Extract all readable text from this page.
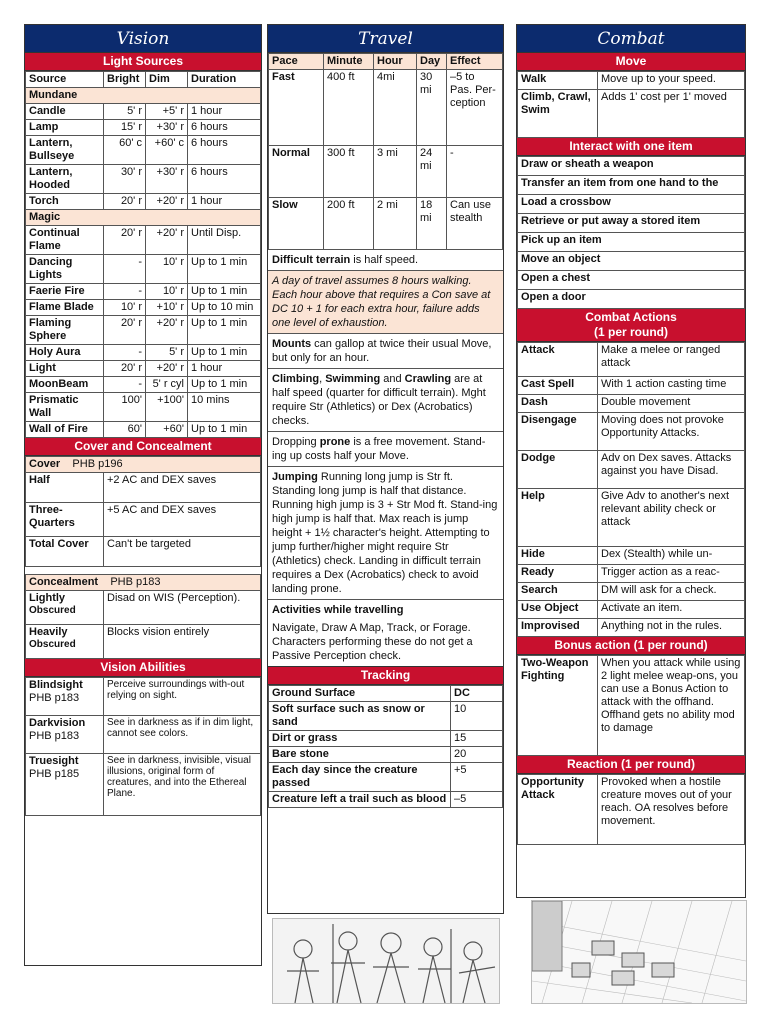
Vision
Light Sources
Source	Bright	Dim	Duration
Mundane			
Candle	5' r	+5' r	1 hour
Lamp	15' r	+30' r	6 hours
Lantern, Bullseye	60' c	+60' c	6 hours
Lantern, Hooded	30' r	+30' r	6 hours
Torch	20' r	+20' r	1 hour
Magic			
Continual Flame	20' r	+20' r	Until Disp.
Dancing Lights	-	10' r	Up to 1 min
Faerie Fire	-	10' r	Up to 1 min
Flame Blade	10' r	+10' r	Up to 10 min
Flaming Sphere	20' r	+20' r	Up to 1 min
Holy Aura	-	5' r	Up to 1 min
Light	20' r	+20' r	1 hour
MoonBeam	-	5' r cyl	Up to 1 min
Prismatic Wall	100'	+100'	10 mins
Wall of Fire	60'	+60'	Up to 1 min
Cover and Concealment
Cover PHB p196	
Half	+2 AC and DEX saves
Three-Quarters	+5 AC and DEX saves
Total Cover	Can't be targeted

Concealment PHB p183	

Lightly
Obscured	Disad on WIS (Perception).

Heavily
Obscured	Blocks vision entirely
Vision Abilities
Blindsight
PHB p183	Perceive surroundings with-out relying on sight.

Darkvision
PHB p183	See in darkness as if in dim light, cannot see colors.

Truesight
PHB p185	See in darkness, invisible, visual illusions, original form of creatures, and into the Ethereal Plane.
Travel
Pace	Minute	Hour	Day	Effect
Fast	400 ft	4mi	30 mi	–5 to Pas. Per-ception
Normal	300 ft	3 mi	24 mi	-
Slow	200 ft	2 mi	18 mi	Can use stealth
Difficult terrain is half speed.
A day of travel assumes 8 hours walking. Each hour above that requires a Con save at DC 10 + 1 for each extra hour, failure adds one level of exhaustion.
Mounts can gallop at twice their usual Move, but only for an hour.
Climbing, Swimming and Crawling are at half speed (quarter for difficult terrain). Mght require Str (Athletics) or Dex (Acrobatics) checks.
Dropping prone is a free movement. Stand-ing up costs half your Move.
Jumping Running long jump is Str ft. Standing long jump is half that distance. Running high jump is 3 + Str Mod ft. Stand-ing high jump is half that. Max reach is jump height + 1½ character's height. Attempting to jump further/higher might require Str (Athletics) check. Landing in difficult terrain requires a Dex (Acrobatics) check to avoid landing prone.
Activities while travelling
Navigate, Draw A Map, Track, or Forage. Characters performing these do not get a Passive Perception check.
Tracking
Ground Surface	DC
Soft surface such as snow or sand	10
Dirt or grass	15
Bare stone	20
Each day since the creature passed	+5
Creature left a trail such as blood	–5
Combat
Move
Walk	Move up to your speed.
Climb, Crawl, Swim	Adds 1' cost per 1' moved
Interact with one item
Draw or sheath a weapon
Transfer an item from one hand to the
Load a crossbow
Retrieve or put away a stored item
Pick up an item
Move an object
Open a chest
Open a door
Combat Actions
(1 per round)
Attack	Make a melee or ranged attack
Cast Spell	With 1 action casting time
Dash	Double movement
Disengage	Moving does not provoke Opportunity Attacks.
Dodge	Adv on Dex saves. Attacks against you have Disad.
Help	Give Adv to another's next relevant ability check or attack
Hide	Dex (Stealth) while un-
Ready	Trigger action as a reac-
Search	DM will ask for a check.
Use Object	Activate an item.
Improvised	Anything not in the rules.
Bonus action (1 per round)
Two-Weapon Fighting	When you attack while using 2 light melee weap-ons, you can use a Bonus Action to attack with the offhand. Offhand gets no ability mod to damage
Reaction (1 per round)
Opportunity Attack	Provoked when a hostile creature moves out of your reach. OA resolves before movement.
